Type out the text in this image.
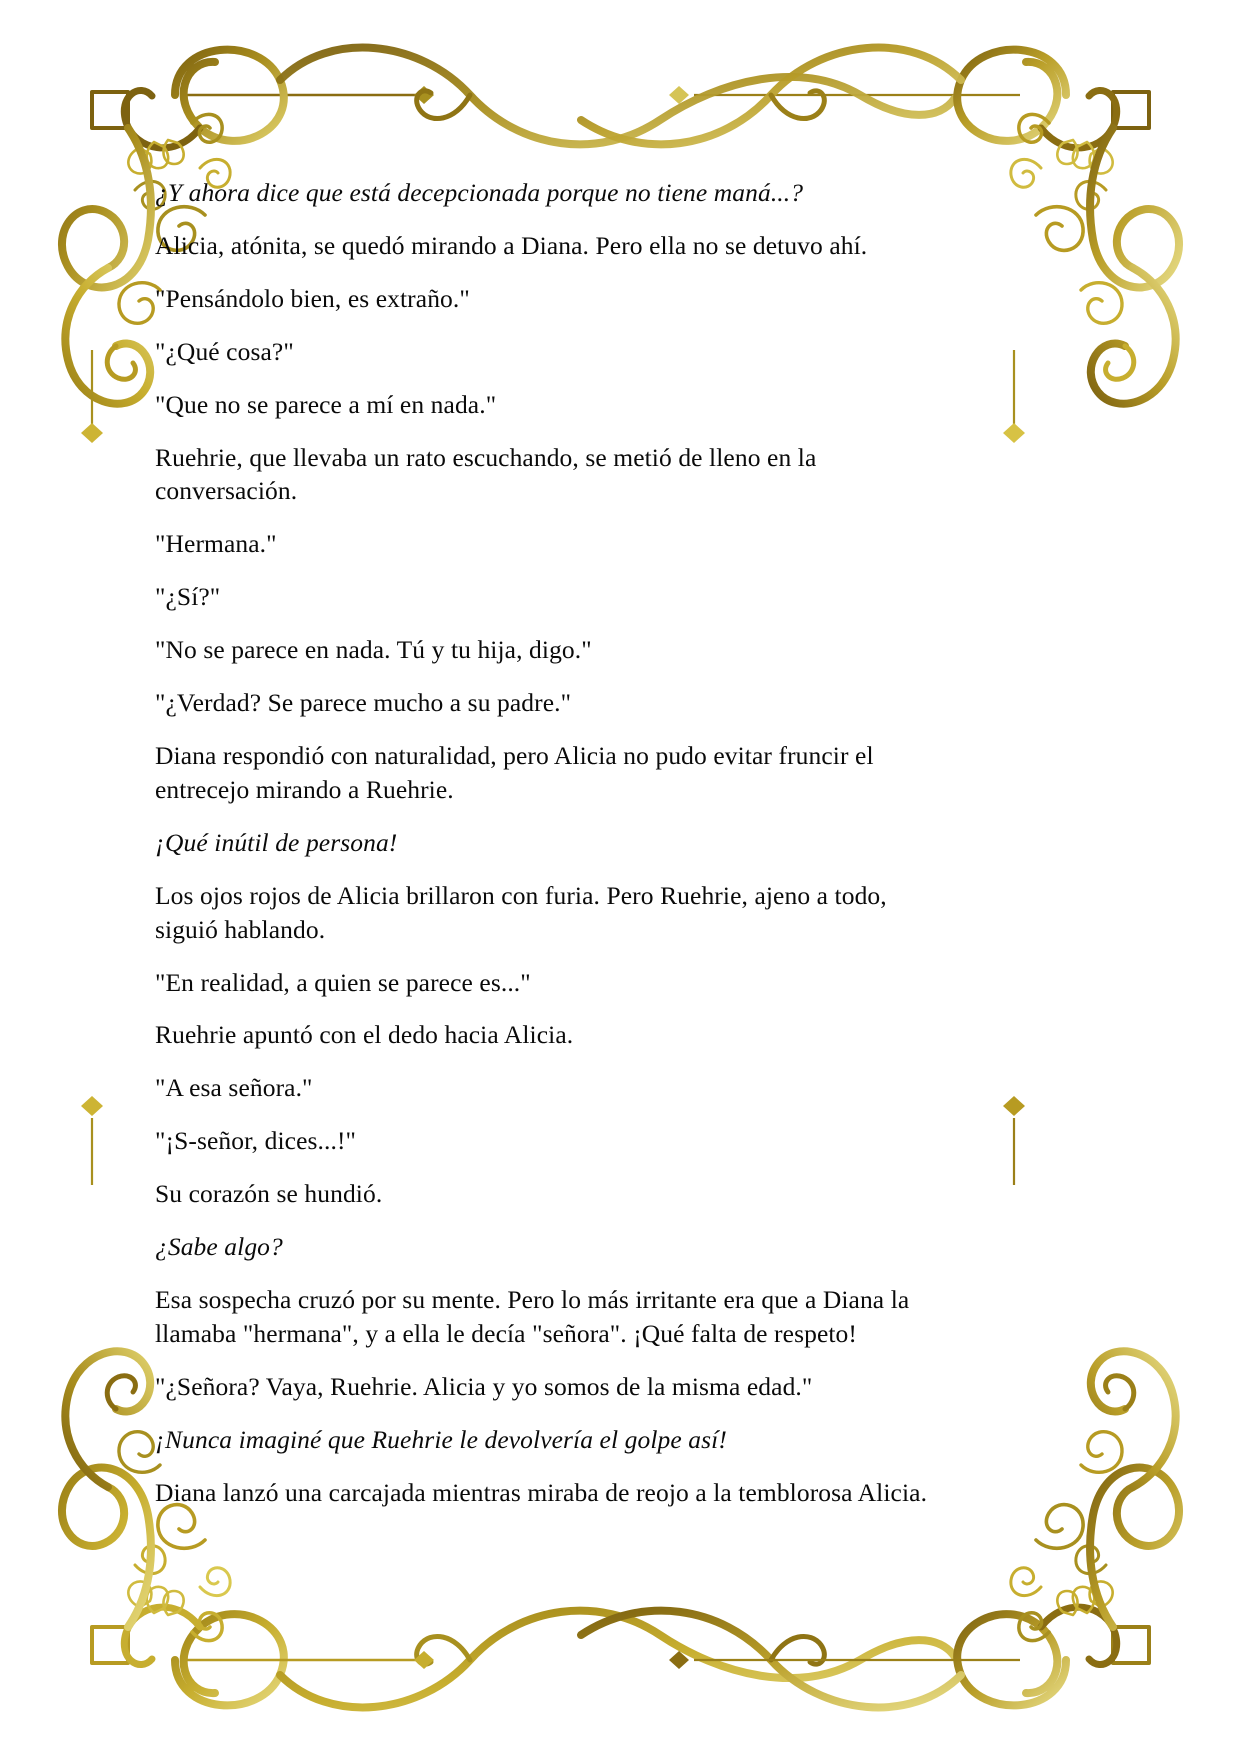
¿Y ahora dice que está decepcionada porque no tiene maná...?

Alicia, atónita, se quedó mirando a Diana. Pero ella no se detuvo ahí.

"Pensándolo bien, es extraño."

"¿Qué cosa?"

"Que no se parece a mí en nada."

Ruehrie, que llevaba un rato escuchando, se metió de lleno en la conversación.

"Hermana."

"¿Sí?"

"No se parece en nada. Tú y tu hija, digo."

"¿Verdad? Se parece mucho a su padre."

Diana respondió con naturalidad, pero Alicia no pudo evitar fruncir el entrecejo mirando a Ruehrie.

¡Qué inútil de persona!

Los ojos rojos de Alicia brillaron con furia. Pero Ruehrie, ajeno a todo, siguió hablando.

"En realidad, a quien se parece es..."

Ruehrie apuntó con el dedo hacia Alicia.

"A esa señora."

"¡S-señor, dices...!"

Su corazón se hundió.

¿Sabe algo?

Esa sospecha cruzó por su mente. Pero lo más irritante era que a Diana la llamaba "hermana", y a ella le decía "señora". ¡Qué falta de respeto!

"¿Señora? Vaya, Ruehrie. Alicia y yo somos de la misma edad."

¡Nunca imaginé que Ruehrie le devolvería el golpe así!

Diana lanzó una carcajada mientras miraba de reojo a la temblorosa Alicia.
